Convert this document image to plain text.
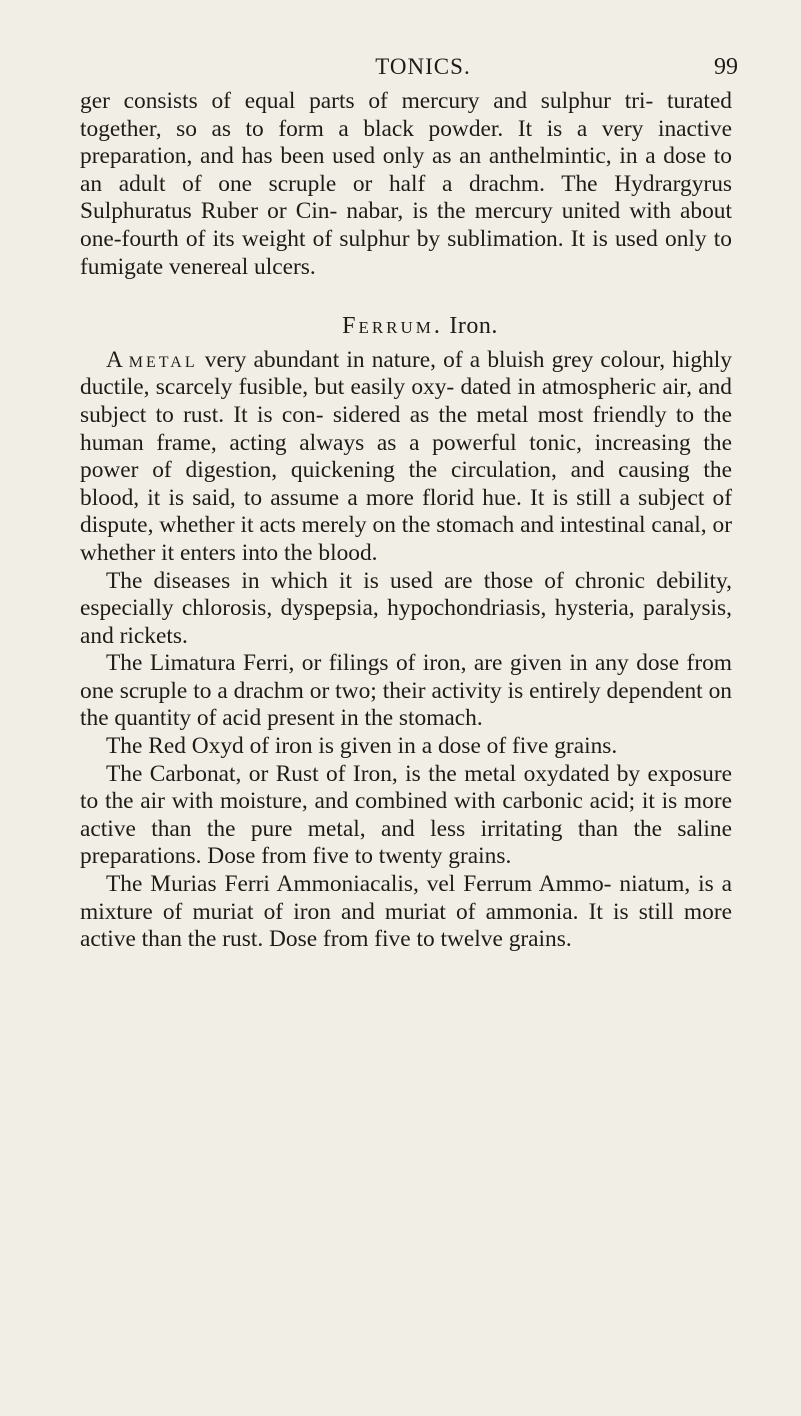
TONICS.	99

ger consists of equal parts of mercury and sulphur tri- turated together, so as to form a black powder. It is a very inactive preparation, and has been used only as an anthelmintic, in a dose to an adult of one scruple or half a drachm. The Hydrargyrus Sulphuratus Ruber or Cin- nabar, is the mercury united with about one-fourth of its weight of sulphur by sublimation. It is used only to fumigate venereal ulcers.

Ferrum. Iron.

A metal very abundant in nature, of a bluish grey colour, highly ductile, scarcely fusible, but easily oxy- dated in atmospheric air, and subject to rust. It is con- sidered as the metal most friendly to the human frame, acting always as a powerful tonic, increasing the power of digestion, quickening the circulation, and causing the blood, it is said, to assume a more florid hue. It is still a subject of dispute, whether it acts merely on the stomach and intestinal canal, or whether it enters into the blood.

The diseases in which it is used are those of chronic debility, especially chlorosis, dyspepsia, hypochondriasis, hysteria, paralysis, and rickets.

The Limatura Ferri, or filings of iron, are given in any dose from one scruple to a drachm or two; their activity is entirely dependent on the quantity of acid present in the stomach.

The Red Oxyd of iron is given in a dose of five grains.

The Carbonat, or Rust of Iron, is the metal oxydated by exposure to the air with moisture, and combined with carbonic acid; it is more active than the pure metal, and less irritating than the saline preparations. Dose from five to twenty grains.

The Murias Ferri Ammoniacalis, vel Ferrum Ammo- niatum, is a mixture of muriat of iron and muriat of ammonia. It is still more active than the rust. Dose from five to twelve grains.
